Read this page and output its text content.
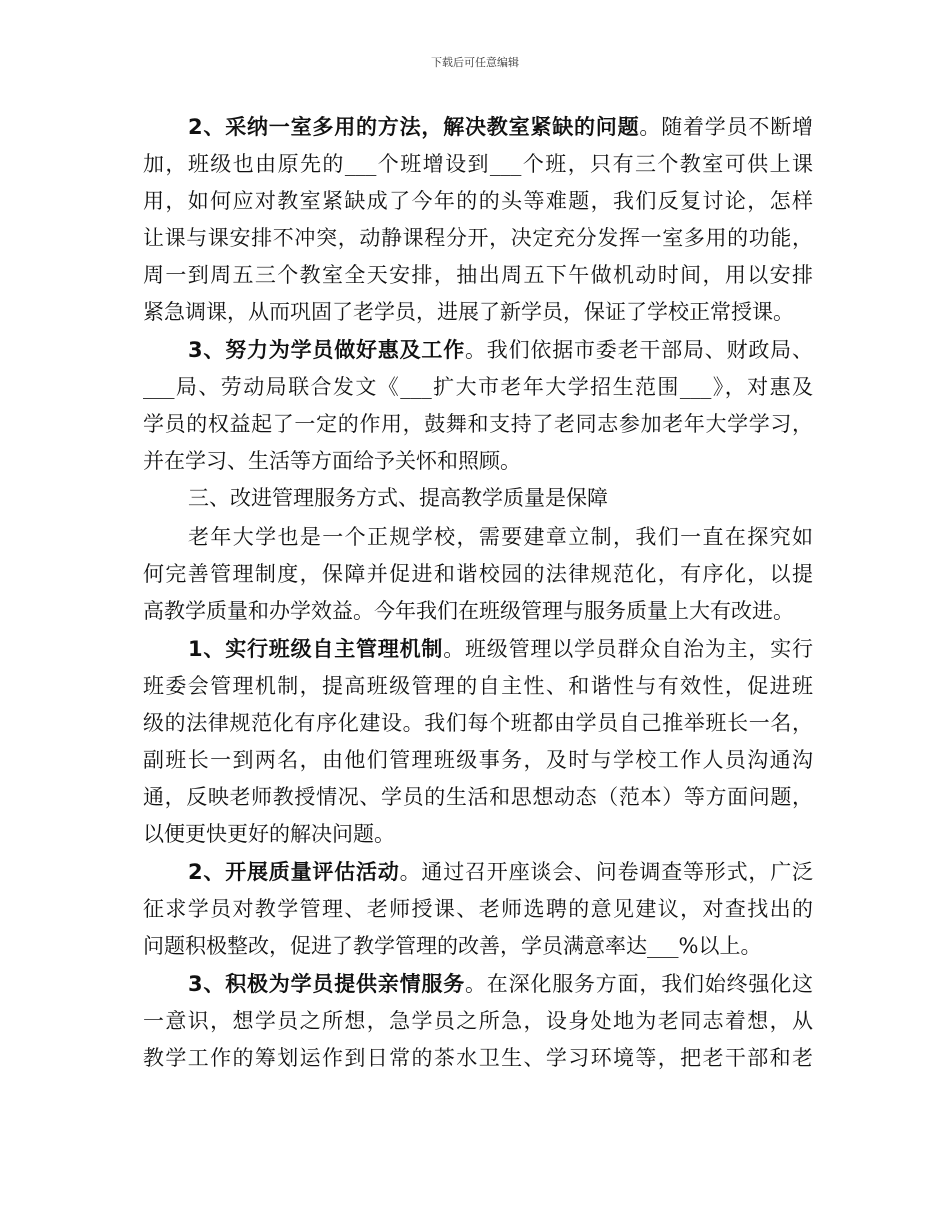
下载后可任意编辑
2、采纳一室多用的方法，解决教室紧缺的问题。随着学员不断增
加，班级也由原先的___个班增设到___个班，只有三个教室可供上课
用，如何应对教室紧缺成了今年的的头等难题，我们反复讨论，怎样
让课与课安排不冲突，动静课程分开，决定充分发挥一室多用的功能，
周一到周五三个教室全天安排，抽出周五下午做机动时间，用以安排
紧急调课，从而巩固了老学员，进展了新学员，保证了学校正常授课。
3、努力为学员做好惠及工作。我们依据市委老干部局、财政局、
___局、劳动局联合发文《___扩大市老年大学招生范围___》，对惠及
学员的权益起了一定的作用，鼓舞和支持了老同志参加老年大学学习，
并在学习、生活等方面给予关怀和照顾。
三、改进管理服务方式、提高教学质量是保障
老年大学也是一个正规学校，需要建章立制，我们一直在探究如
何完善管理制度，保障并促进和谐校园的法律规范化，有序化，以提
高教学质量和办学效益。今年我们在班级管理与服务质量上大有改进。
1、实行班级自主管理机制。班级管理以学员群众自治为主，实行
班委会管理机制，提高班级管理的自主性、和谐性与有效性，促进班
级的法律规范化有序化建设。我们每个班都由学员自己推举班长一名，
副班长一到两名，由他们管理班级事务，及时与学校工作人员沟通沟
通，反映老师教授情况、学员的生活和思想动态（范本）等方面问题，
以便更快更好的解决问题。
2、开展质量评估活动。通过召开座谈会、问卷调查等形式，广泛
征求学员对教学管理、老师授课、老师选聘的意见建议，对查找出的
问题积极整改，促进了教学管理的改善，学员满意率达___%以上。
3、积极为学员提供亲情服务。在深化服务方面，我们始终强化这
一意识，想学员之所想，急学员之所急，设身处地为老同志着想，从
教学工作的筹划运作到日常的茶水卫生、学习环境等，把老干部和老
